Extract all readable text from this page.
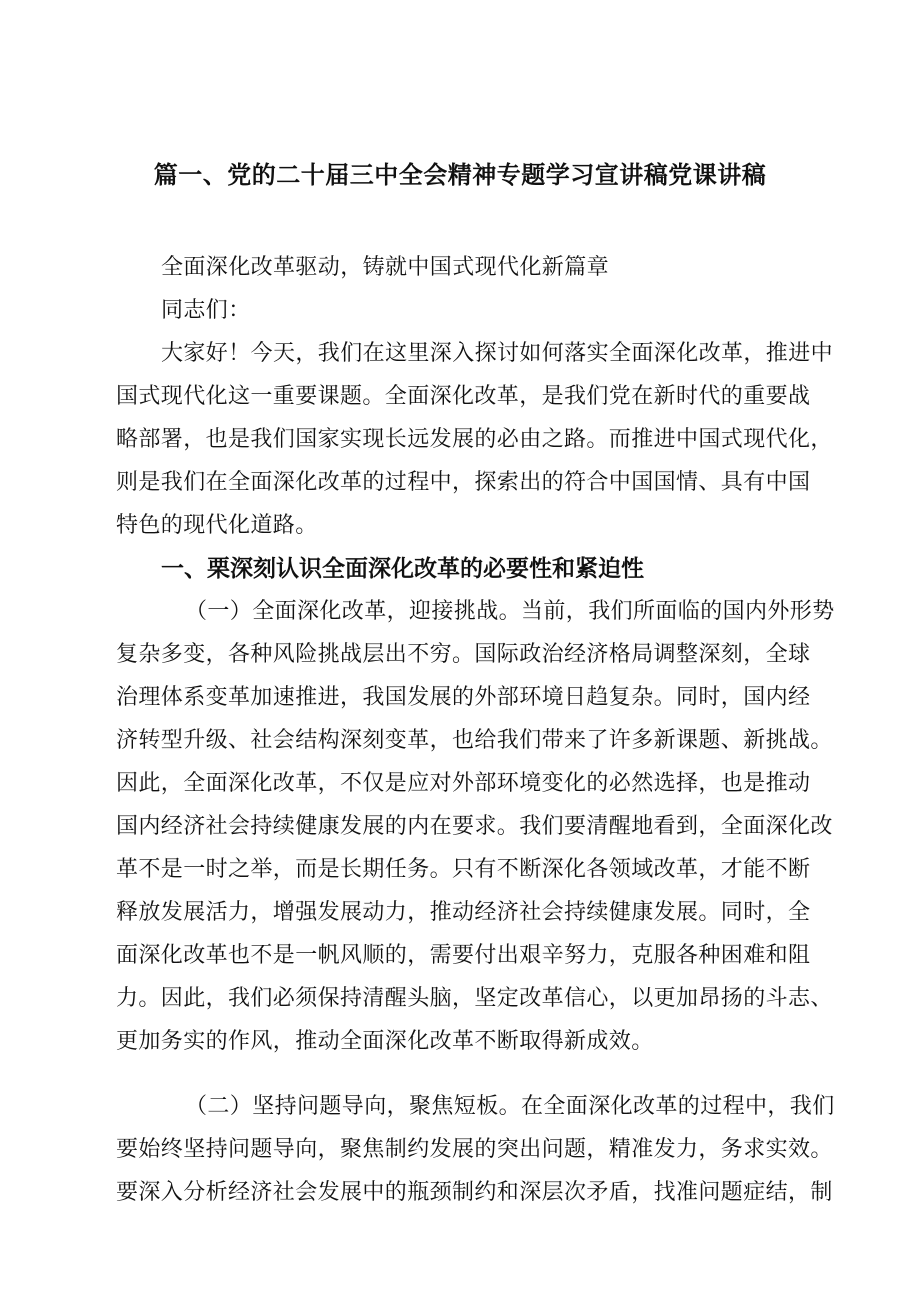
篇一、党的二十届三中全会精神专题学习宣讲稿党课讲稿
全面深化改革驱动，铸就中国式现代化新篇章
同志们：
大家好！今天，我们在这里深入探讨如何落实全面深化改革，推进中
国式现代化这一重要课题。全面深化改革，是我们党在新时代的重要战
略部署，也是我们国家实现长远发展的必由之路。而推进中国式现代化，
则是我们在全面深化改革的过程中，探索出的符合中国国情、具有中国
特色的现代化道路。
一、栗深刻认识全面深化改革的必要性和紧迫性
（一）全面深化改革，迎接挑战。当前，我们所面临的国内外形势
复杂多变，各种风险挑战层出不穷。国际政治经济格局调整深刻，全球
治理体系变革加速推进，我国发展的外部环境日趋复杂。同时，国内经
济转型升级、社会结构深刻变革，也给我们带来了许多新课题、新挑战。
因此，全面深化改革，不仅是应对外部环境变化的必然选择，也是推动
国内经济社会持续健康发展的内在要求。我们要清醒地看到，全面深化改
革不是一时之举，而是长期任务。只有不断深化各领域改革，才能不断
释放发展活力，增强发展动力，推动经济社会持续健康发展。同时，全
面深化改革也不是一帆风顺的，需要付出艰辛努力，克服各种困难和阻
力。因此，我们必须保持清醒头脑，坚定改革信心，以更加昂扬的斗志、
更加务实的作风，推动全面深化改革不断取得新成效。
（二）坚持问题导向，聚焦短板。在全面深化改革的过程中，我们
要始终坚持问题导向，聚焦制约发展的突出问题，精准发力，务求实效。
要深入分析经济社会发展中的瓶颈制约和深层次矛盾，找准问题症结，制
